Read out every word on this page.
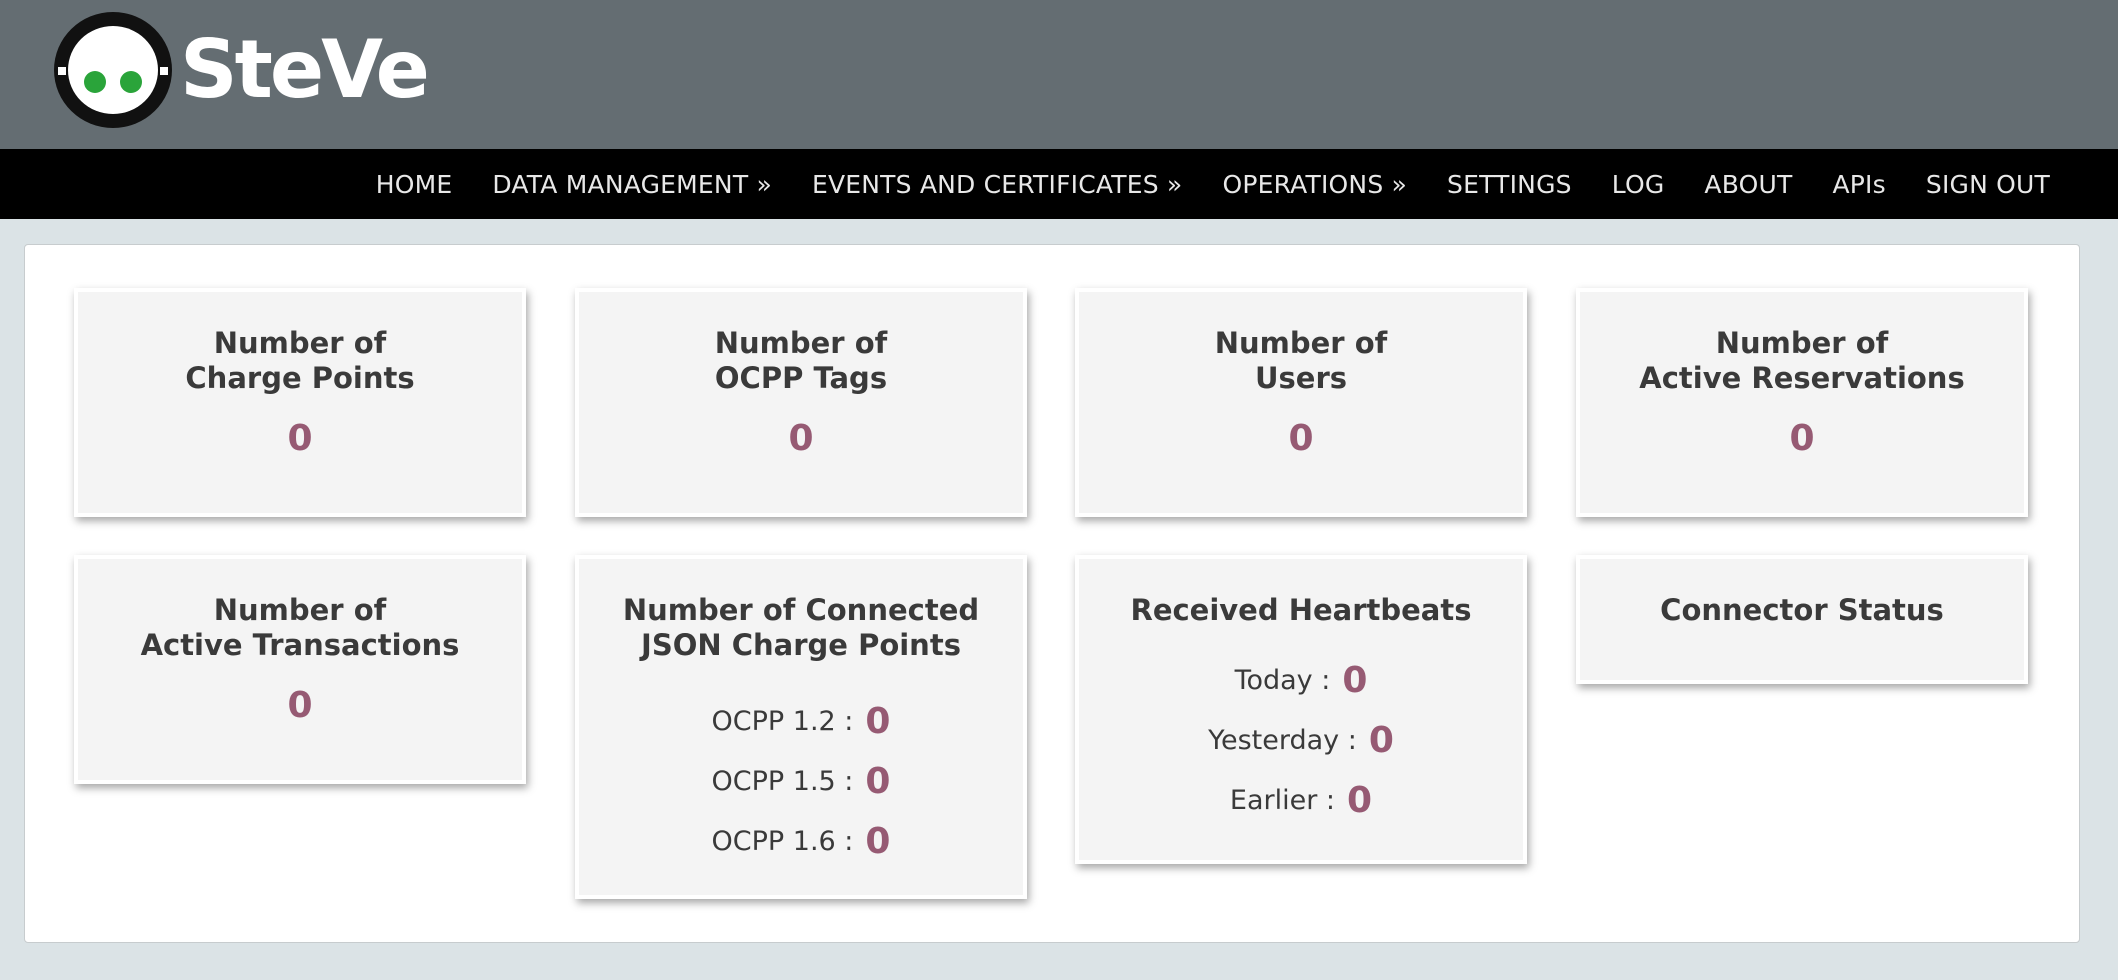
SteVe
HOME DATA MANAGEMENT » EVENTS AND CERTIFICATES » OPERATIONS » SETTINGS LOG ABOUT APIs SIGN OUT
Number of
Charge Points
0
Number of
OCPP Tags
0
Number of
Users
0
Number of
Active Reservations
0
Number of
Active Transactions
0
Number of Connected
JSON Charge Points
OCPP 1.2 : 0
OCPP 1.5 : 0
OCPP 1.6 : 0
Received Heartbeats
Today : 0
Yesterday : 0
Earlier : 0
Connector Status
